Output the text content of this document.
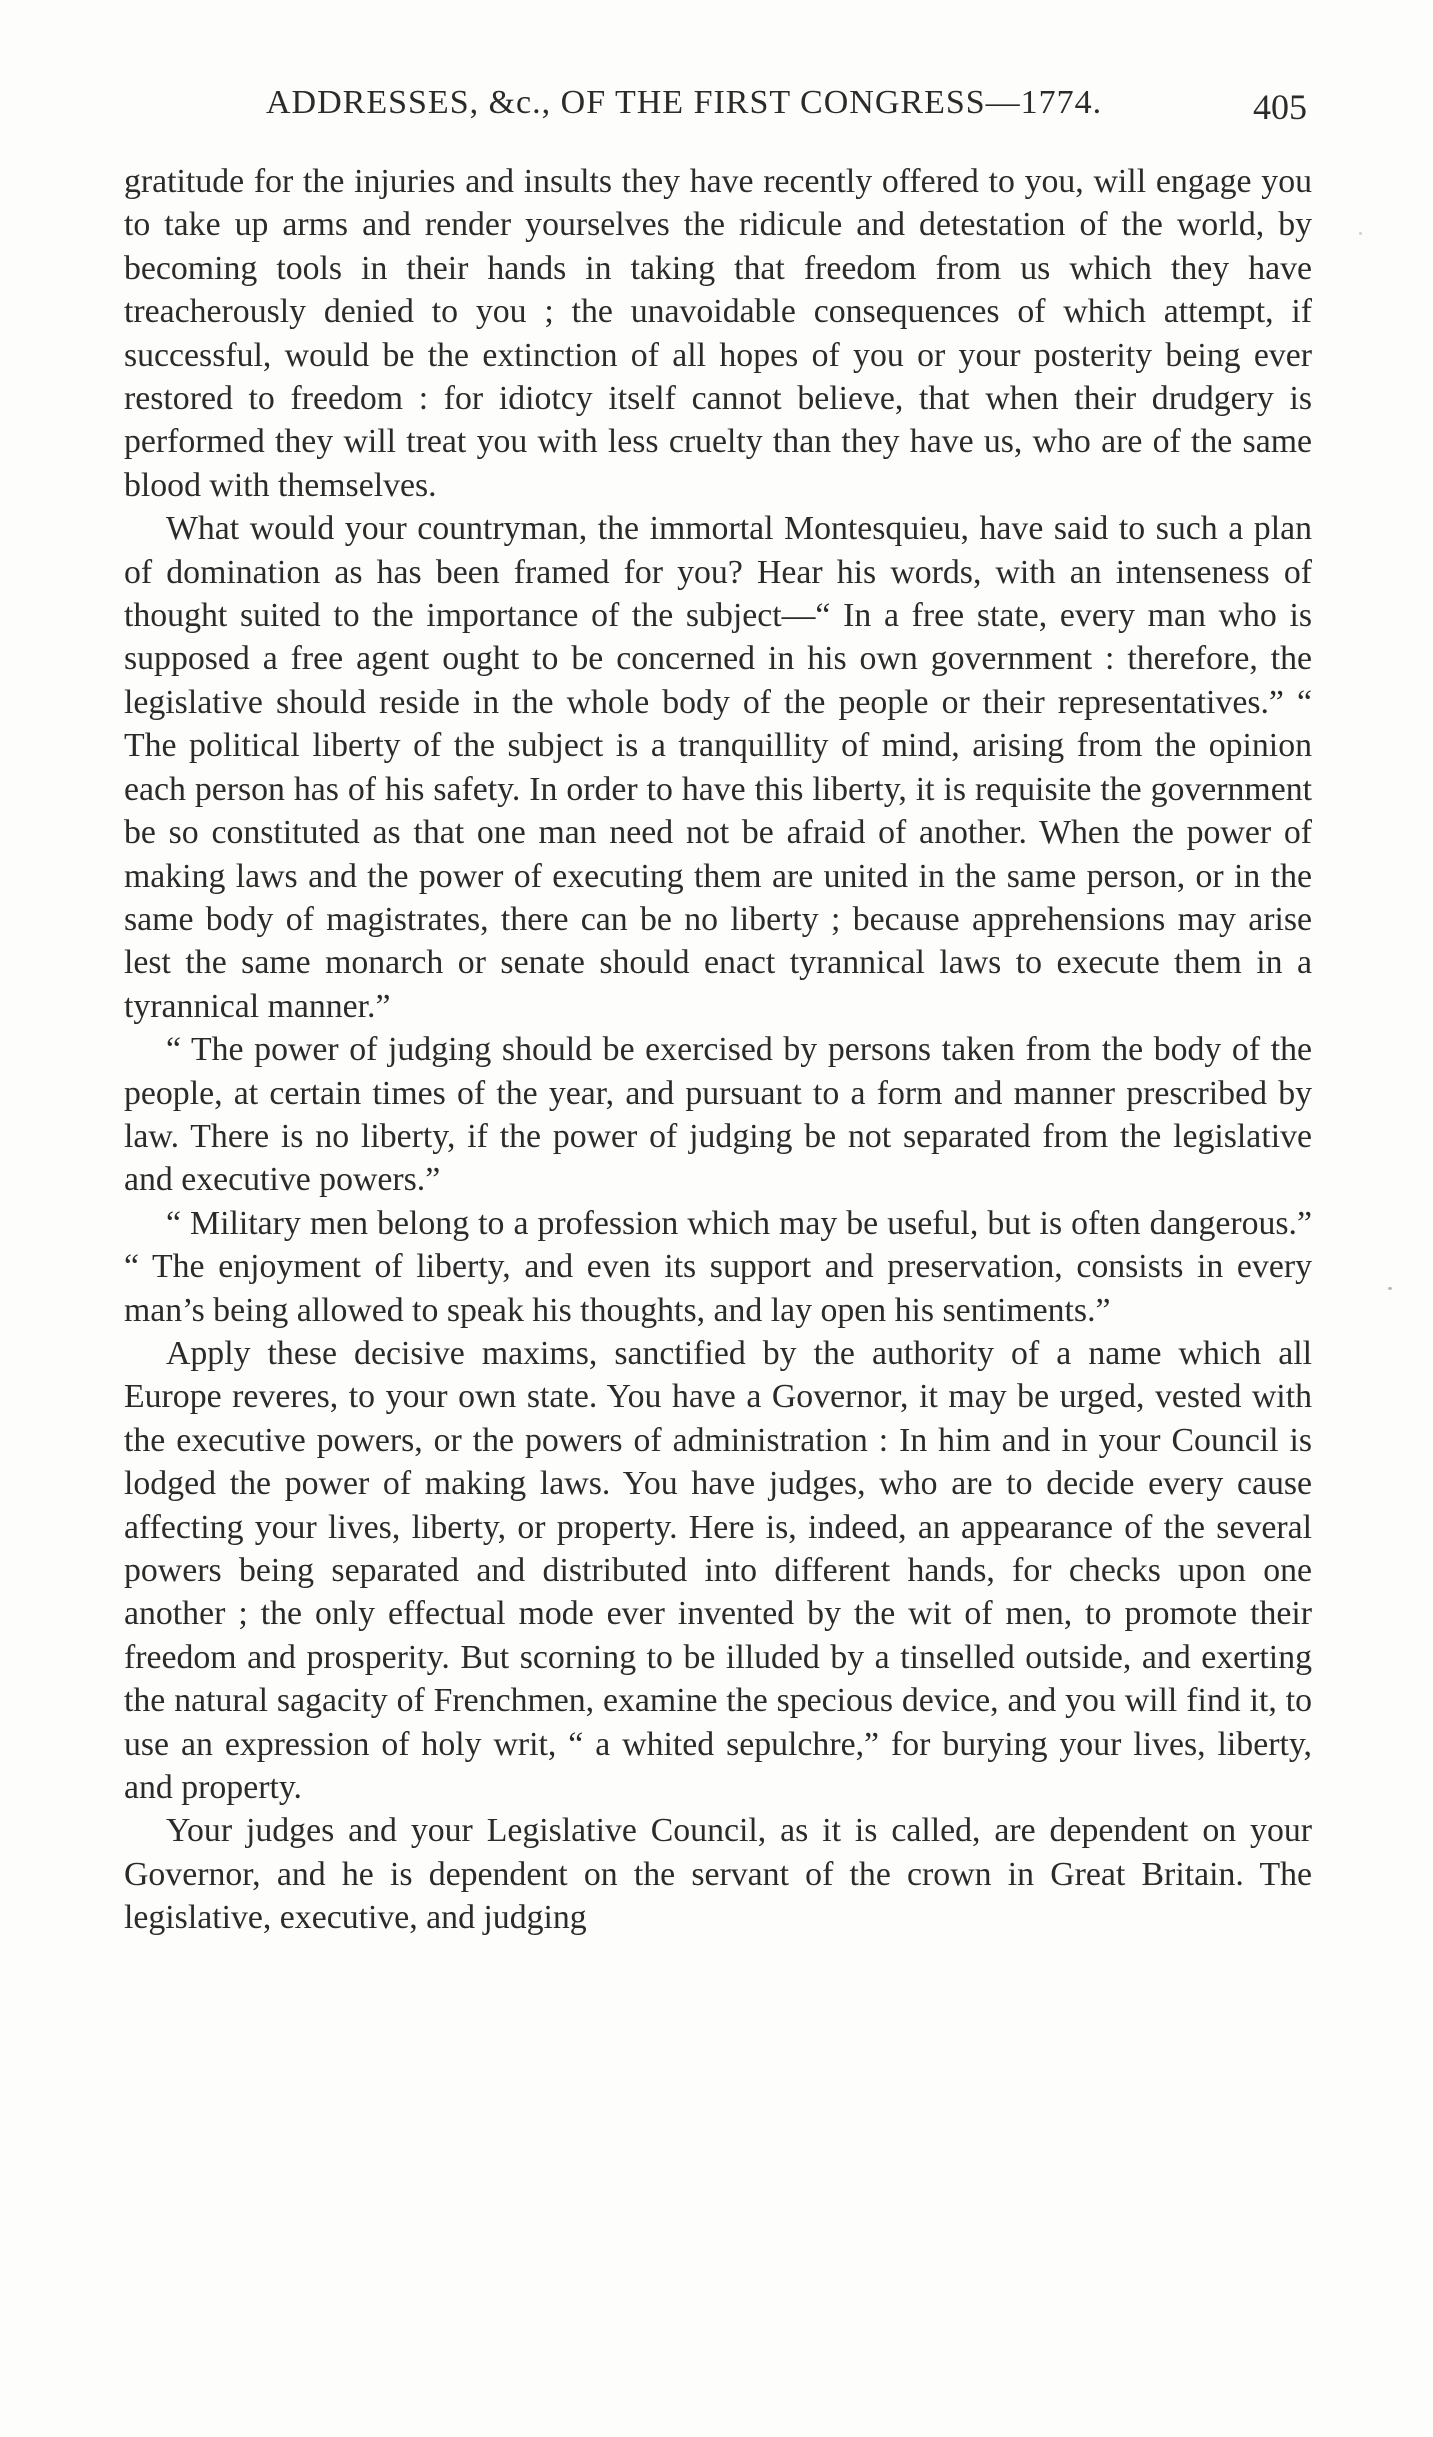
ADDRESSES, &c., OF THE FIRST CONGRESS—1774.	405

gratitude for the injuries and insults they have recently offered to you, will engage you to take up arms and render yourselves the ridicule and detestation of the world, by becoming tools in their hands in taking that freedom from us which they have treacherously denied to you ; the unavoidable consequences of which attempt, if successful, would be the extinction of all hopes of you or your posterity being ever restored to freedom : for idiotcy itself cannot believe, that when their drudgery is performed they will treat you with less cruelty than they have us, who are of the same blood with themselves.

What would your countryman, the immortal Montesquieu, have said to such a plan of domination as has been framed for you? Hear his words, with an intenseness of thought suited to the importance of the subject—“ In a free state, every man who is supposed a free agent ought to be concerned in his own government : therefore, the legislative should reside in the whole body of the people or their representatives.” “ The political liberty of the subject is a tranquillity of mind, arising from the opinion each person has of his safety. In order to have this liberty, it is requisite the government be so constituted as that one man need not be afraid of another. When the power of making laws and the power of executing them are united in the same person, or in the same body of magistrates, there can be no liberty ; because apprehensions may arise lest the same monarch or senate should enact tyrannical laws to execute them in a tyrannical manner.”

“ The power of judging should be exercised by persons taken from the body of the people, at certain times of the year, and pursuant to a form and manner prescribed by law. There is no liberty, if the power of judging be not separated from the legislative and executive powers.”

“ Military men belong to a profession which may be useful, but is often dangerous.” “ The enjoyment of liberty, and even its support and preservation, consists in every man’s being allowed to speak his thoughts, and lay open his sentiments.”

Apply these decisive maxims, sanctified by the authority of a name which all Europe reveres, to your own state. You have a Governor, it may be urged, vested with the executive powers, or the powers of administration : In him and in your Council is lodged the power of making laws. You have judges, who are to decide every cause affecting your lives, liberty, or property. Here is, indeed, an appearance of the several powers being separated and distributed into different hands, for checks upon one another ; the only effectual mode ever invented by the wit of men, to promote their freedom and prosperity. But scorning to be illuded by a tinselled outside, and exerting the natural sagacity of Frenchmen, examine the specious device, and you will find it, to use an expression of holy writ, “ a whited sepulchre,” for burying your lives, liberty, and property.

Your judges and your Legislative Council, as it is called, are dependent on your Governor, and he is dependent on the servant of the crown in Great Britain. The legislative, executive, and judging
